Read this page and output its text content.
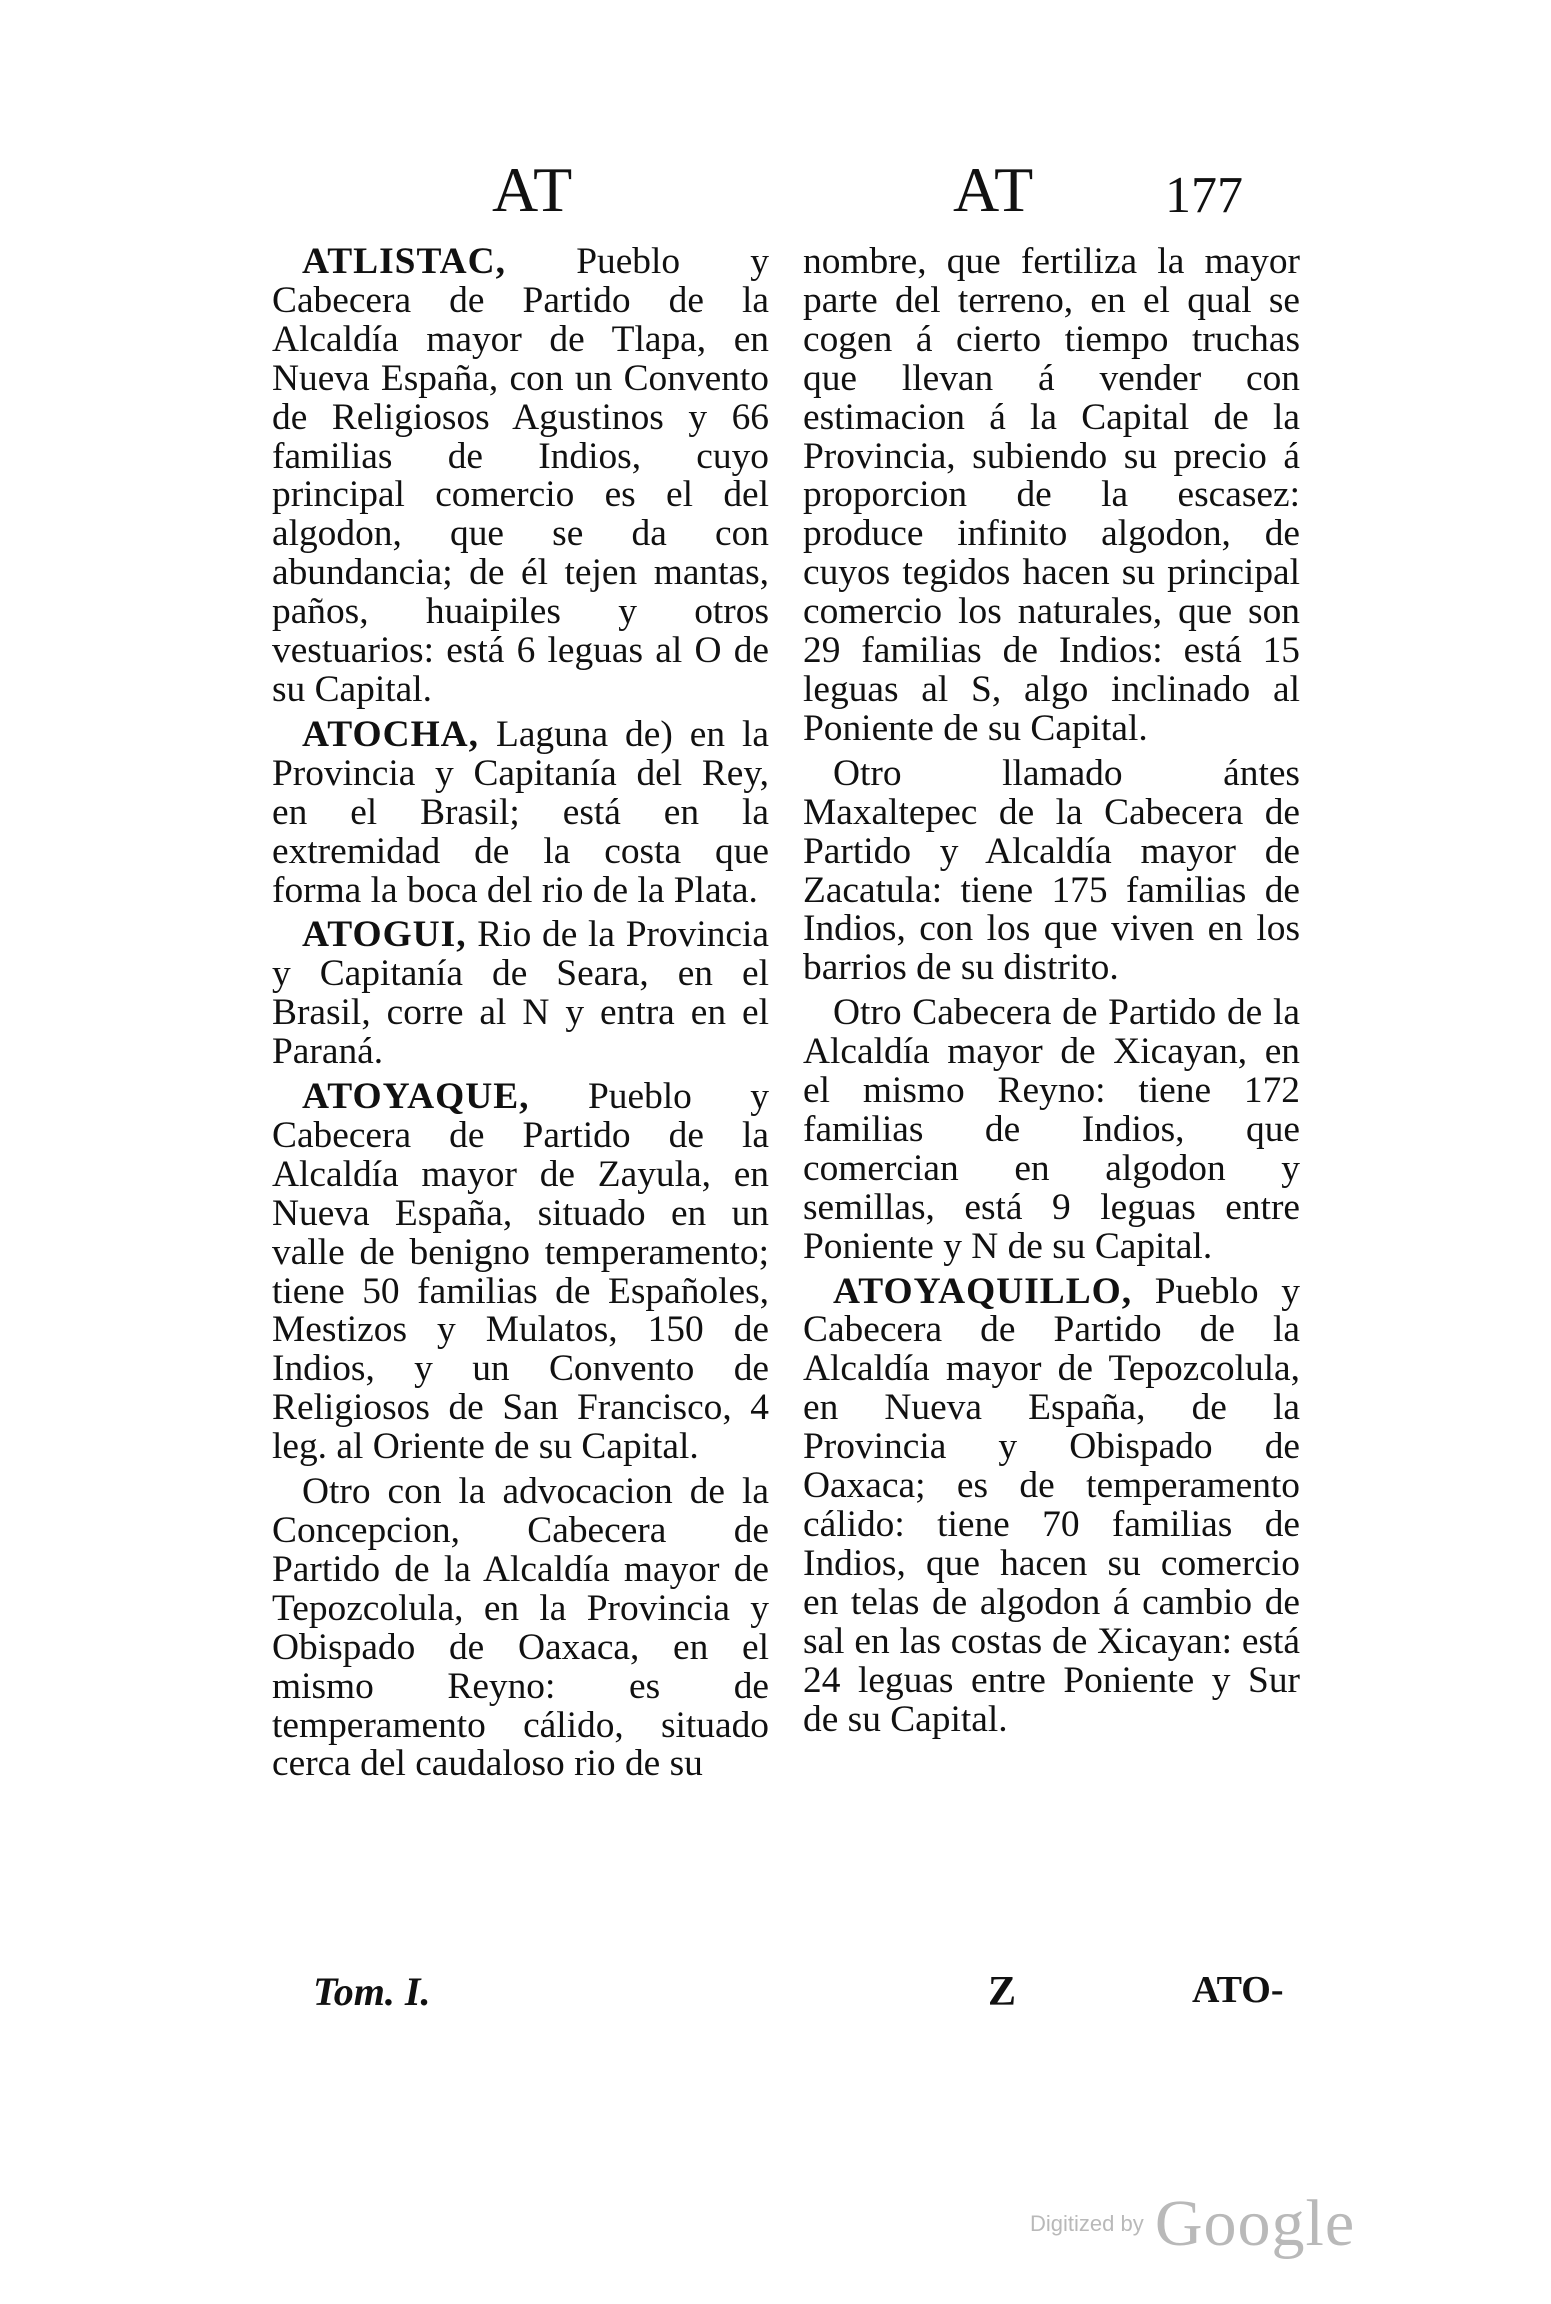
AT	AT 177

ATLISTAC, Pueblo y Cabecera de Partido de la Alcaldía mayor de Tlapa, en Nueva España, con un Convento de Religiosos Agustinos y 66 familias de Indios, cuyo principal comercio es el del algodon, que se da con abundancia; de él tejen mantas, paños, huaipiles y otros vestuarios: está 6 leguas al O de su Capital.

ATOCHA, Laguna de) en la Provincia y Capitanía del Rey, en el Brasil; está en la extremidad de la costa que forma la boca del rio de la Plata.

ATOGUI, Rio de la Provincia y Capitanía de Seara, en el Brasil, corre al N y entra en el Paraná.

ATOYAQUE, Pueblo y Cabecera de Partido de la Alcaldía mayor de Zayula, en Nueva España, situado en un valle de benigno temperamento; tiene 50 familias de Españoles, Mestizos y Mulatos, 150 de Indios, y un Convento de Religiosos de San Francisco, 4 leg. al Oriente de su Capital.

Otro con la advocacion de la Concepcion, Cabecera de Partido de la Alcaldía mayor de Tepozcolula, en la Provincia y Obispado de Oaxaca, en el mismo Reyno: es de temperamento cálido, situado cerca del caudaloso rio de su

nombre, que fertiliza la mayor parte del terreno, en el qual se cogen á cierto tiempo truchas que llevan á vender con estimacion á la Capital de la Provincia, subiendo su precio á proporcion de la escasez: produce infinito algodon, de cuyos tegidos hacen su principal comercio los naturales, que son 29 familias de Indios: está 15 leguas al S, algo inclinado al Poniente de su Capital.

Otro llamado ántes Maxaltepec de la Cabecera de Partido y Alcaldía mayor de Zacatula: tiene 175 familias de Indios, con los que viven en los barrios de su distrito.

Otro Cabecera de Partido de la Alcaldía mayor de Xicayan, en el mismo Reyno: tiene 172 familias de Indios, que comercian en algodon y semillas, está 9 leguas entre Poniente y N de su Capital.

ATOYAQUILLO, Pueblo y Cabecera de Partido de la Alcaldía mayor de Tepozcolula, en Nueva España, de la Provincia y Obispado de Oaxaca; es de temperamento cálido: tiene 70 familias de Indios, que hacen su comercio en telas de algodon á cambio de sal en las costas de Xicayan: está 24 leguas entre Poniente y Sur de su Capital.

Tom. I.	Z	ATO-
Digitized by Google
